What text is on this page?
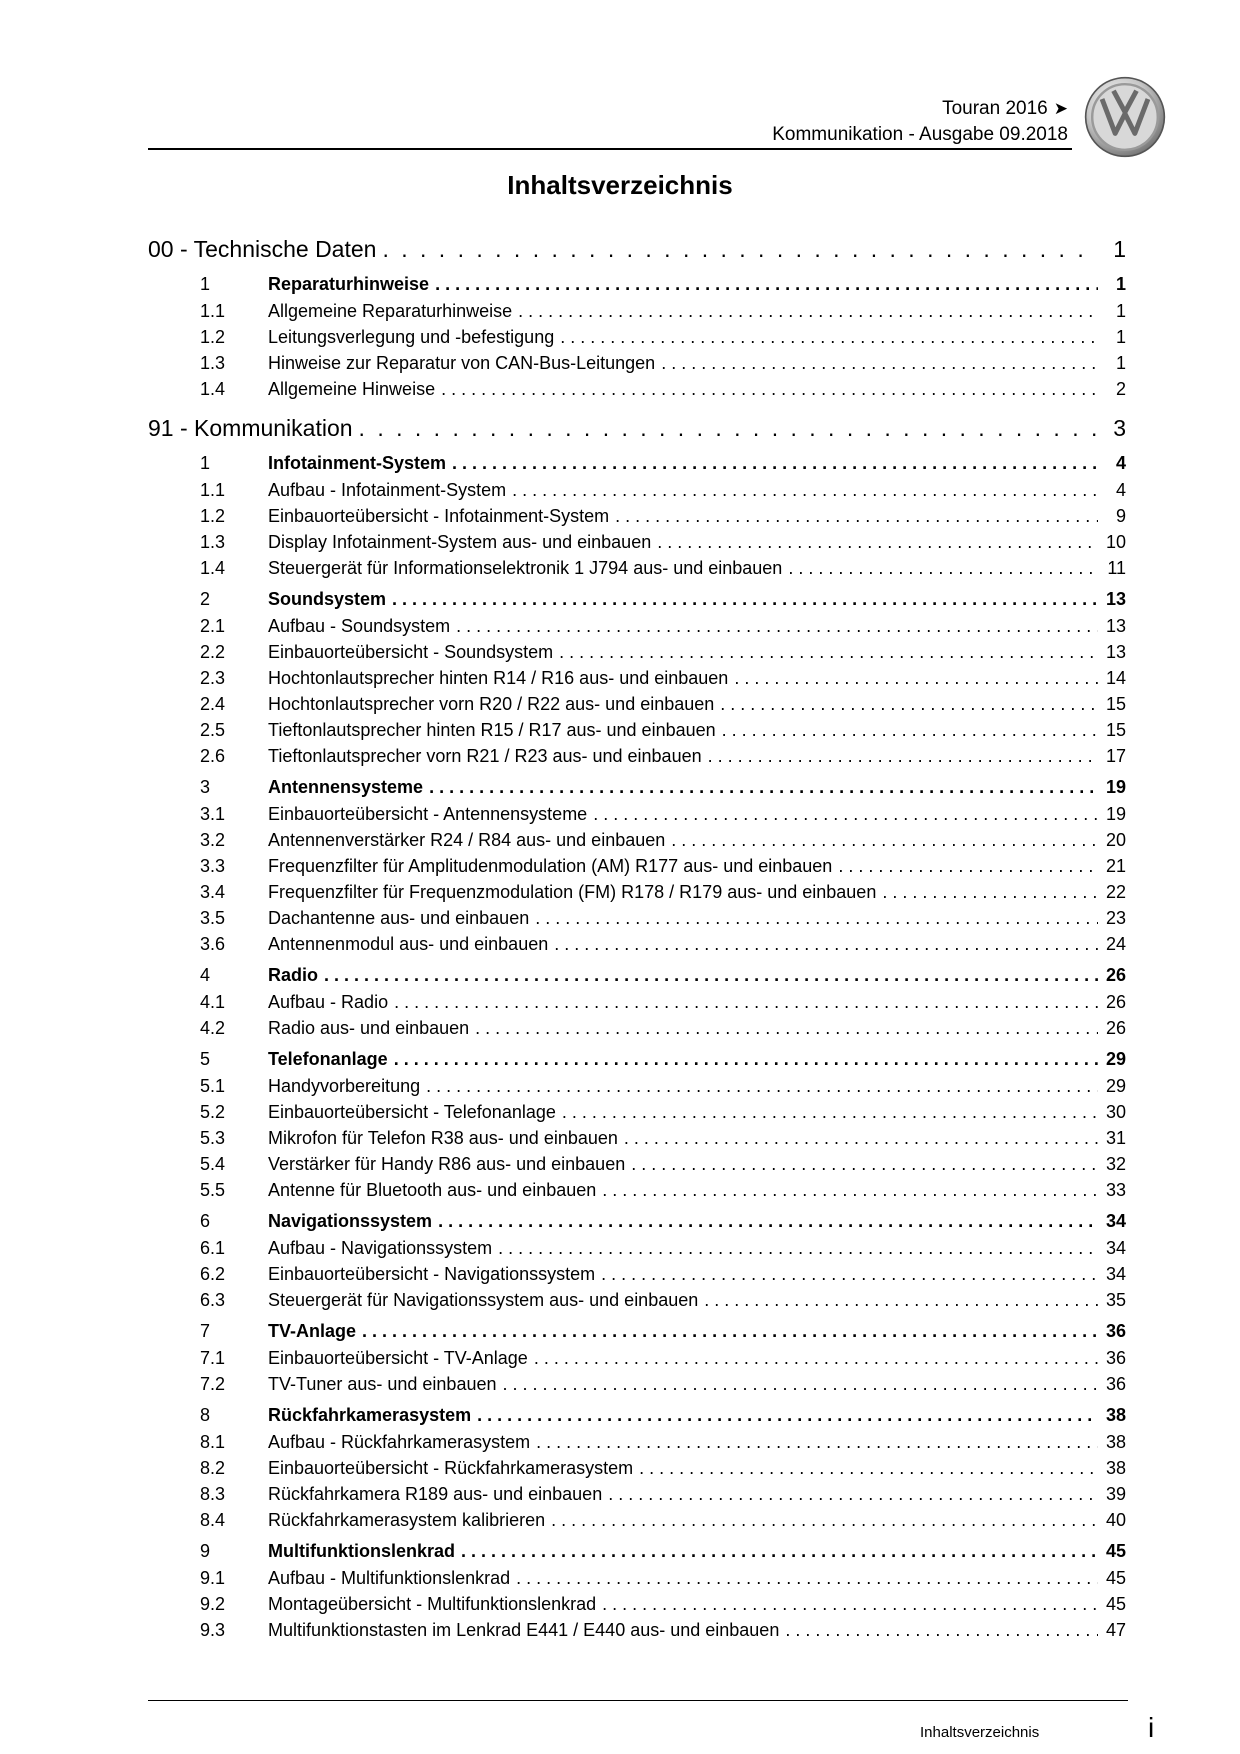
Touran 2016 ➤
Kommunikation - Ausgabe 09.2018
Inhaltsverzeichnis
00 - Technische Daten . . .	1
1	Reparaturhinweise . . .	1
1.1	Allgemeine Reparaturhinweise . . .	1
1.2	Leitungsverlegung und -befestigung . . .	1
1.3	Hinweise zur Reparatur von CAN-Bus-Leitungen . . .	1
1.4	Allgemeine Hinweise . . .	2
91 - Kommunikation . . .	3
1	Infotainment-System . . .	4
1.1	Aufbau - Infotainment-System . . .	4
1.2	Einbauorteübersicht - Infotainment-System . . .	9
1.3	Display Infotainment-System aus- und einbauen . . .	10
1.4	Steuergerät für Informationselektronik 1 J794 aus- und einbauen . . .	11
2	Soundsystem . . .	13
2.1	Aufbau - Soundsystem . . .	13
2.2	Einbauorteübersicht - Soundsystem . . .	13
2.3	Hochtonlautsprecher hinten R14 / R16 aus- und einbauen . . .	14
2.4	Hochtonlautsprecher vorn R20 / R22 aus- und einbauen . . .	15
2.5	Tieftonlautsprecher hinten R15 / R17 aus- und einbauen . . .	15
2.6	Tieftonlautsprecher vorn R21 / R23 aus- und einbauen . . .	17
3	Antennensysteme . . .	19
3.1	Einbauorteübersicht - Antennensysteme . . .	19
3.2	Antennenverstärker R24 / R84 aus- und einbauen . . .	20
3.3	Frequenzfilter für Amplitudenmodulation (AM) R177 aus- und einbauen . . .	21
3.4	Frequenzfilter für Frequenzmodulation (FM) R178 / R179 aus- und einbauen . . .	22
3.5	Dachantenne aus- und einbauen . . .	23
3.6	Antennenmodul aus- und einbauen . . .	24
4	Radio . . .	26
4.1	Aufbau - Radio . . .	26
4.2	Radio aus- und einbauen . . .	26
5	Telefonanlage . . .	29
5.1	Handyvorbereitung . . .	29
5.2	Einbauorteübersicht - Telefonanlage . . .	30
5.3	Mikrofon für Telefon R38 aus- und einbauen . . .	31
5.4	Verstärker für Handy R86 aus- und einbauen . . .	32
5.5	Antenne für Bluetooth aus- und einbauen . . .	33
6	Navigationssystem . . .	34
6.1	Aufbau - Navigationssystem . . .	34
6.2	Einbauorteübersicht - Navigationssystem . . .	34
6.3	Steuergerät für Navigationssystem aus- und einbauen . . .	35
7	TV-Anlage . . .	36
7.1	Einbauorteübersicht - TV-Anlage . . .	36
7.2	TV-Tuner aus- und einbauen . . .	36
8	Rückfahrkamerasystem . . .	38
8.1	Aufbau - Rückfahrkamerasystem . . .	38
8.2	Einbauorteübersicht - Rückfahrkamerasystem . . .	38
8.3	Rückfahrkamera R189 aus- und einbauen . . .	39
8.4	Rückfahrkamerasystem kalibrieren . . .	40
9	Multifunktionslenkrad . . .	45
9.1	Aufbau - Multifunktionslenkrad . . .	45
9.2	Montageübersicht - Multifunktionslenkrad . . .	45
9.3	Multifunktionstasten im Lenkrad E441 / E440 aus- und einbauen . . .	47
Inhaltsverzeichnis	i
